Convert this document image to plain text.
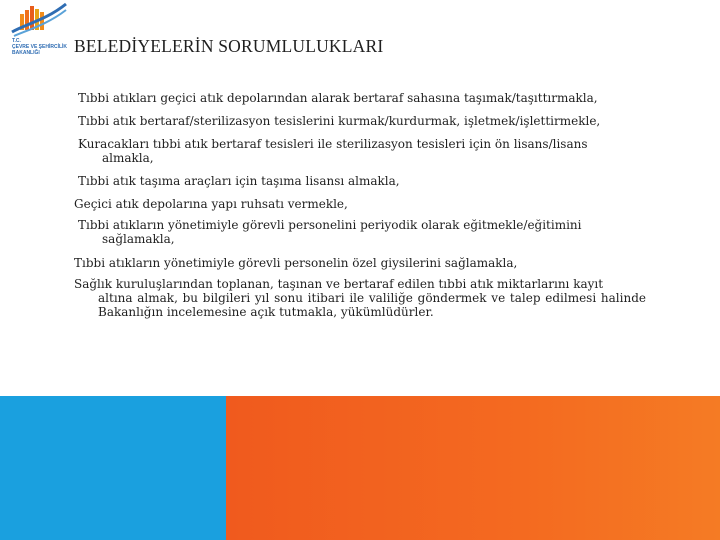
T.C.
ÇEVRE VE ŞEHİRCİLİK
BAKANLIĞI	BELEDİYELERİN SORUMLULUKLARI
Tıbbi atıkları geçici atık depolarından alarak bertaraf sahasına taşımak/taşıttırmakla,
Tıbbi atık bertaraf/sterilizasyon tesislerini kurmak/kurdurmak, işletmek/işlettirmekle,
Kuracakları tıbbi atık bertaraf tesisleri ile sterilizasyon tesisleri için ön lisans/lisans
almakla,
Tıbbi atık taşıma araçları için taşıma lisansı almakla,
Geçici atık depolarına yapı ruhsatı vermekle,
Tıbbi atıkların yönetimiyle görevli personelini periyodik olarak eğitmekle/eğitimini
sağlamakla,
Tıbbi atıkların yönetimiyle görevli personelin özel giysilerini sağlamakla,
Sağlık kuruluşlarından toplanan, taşınan ve bertaraf edilen tıbbi atık miktarlarını kayıt
altına almak, bu bilgileri yıl sonu itibari ile valiliğe göndermek ve talep edilmesi halinde Bakanlığın incelemesine açık tutmakla, yükümlüdürler.
